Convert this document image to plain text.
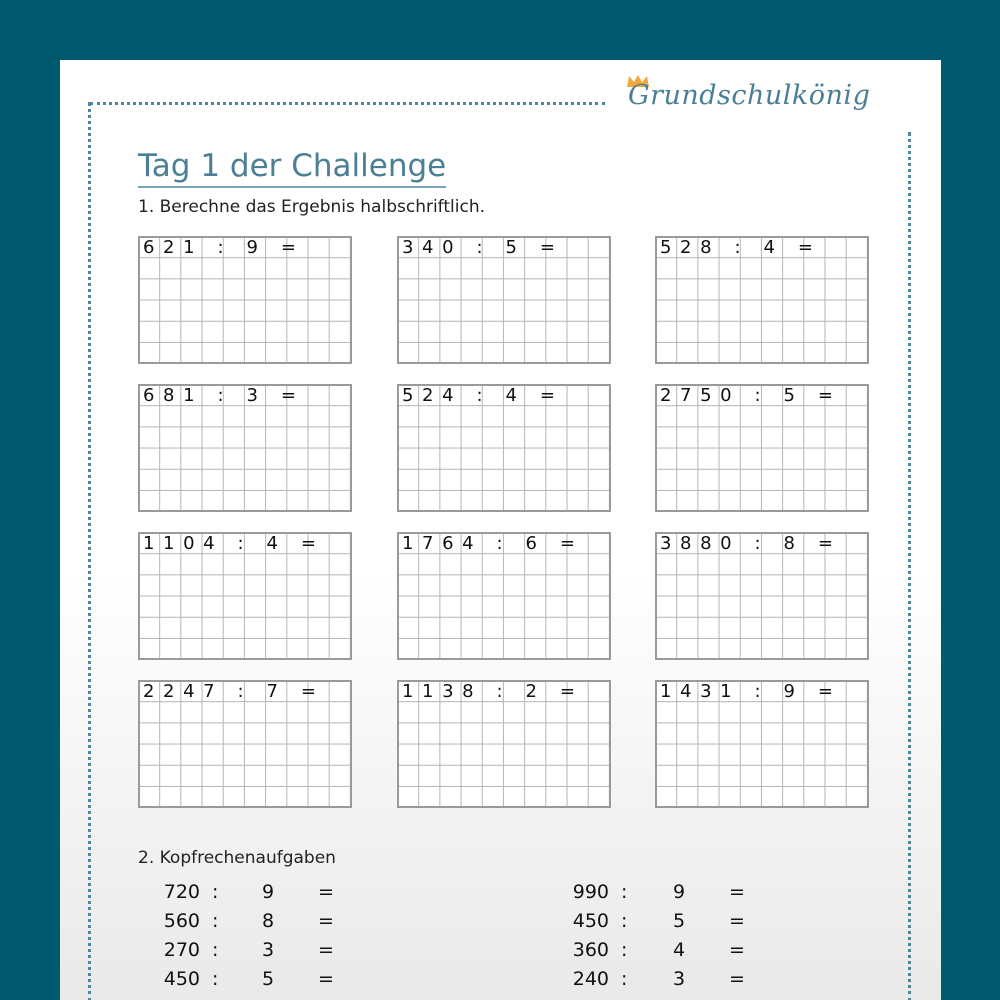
Grundschulkönig
Tag 1 der Challenge
1. Berechne das Ergebnis halbschriftlich.
621 : 9 =	340 : 5 =	528 : 4 =
681 : 3 =	524 : 4 =	2750 : 5 =
1104 : 4 =	1764 : 6 =	3880 : 8 =
2247 : 7 =	1138 : 2 =	1431 : 9 =
2. Kopfrechenaufgaben
720 : 9 =
560 : 8 =
270 : 3 =
450 : 5 =
990 : 9 =
450 : 5 =
360 : 4 =
240 : 3 =
